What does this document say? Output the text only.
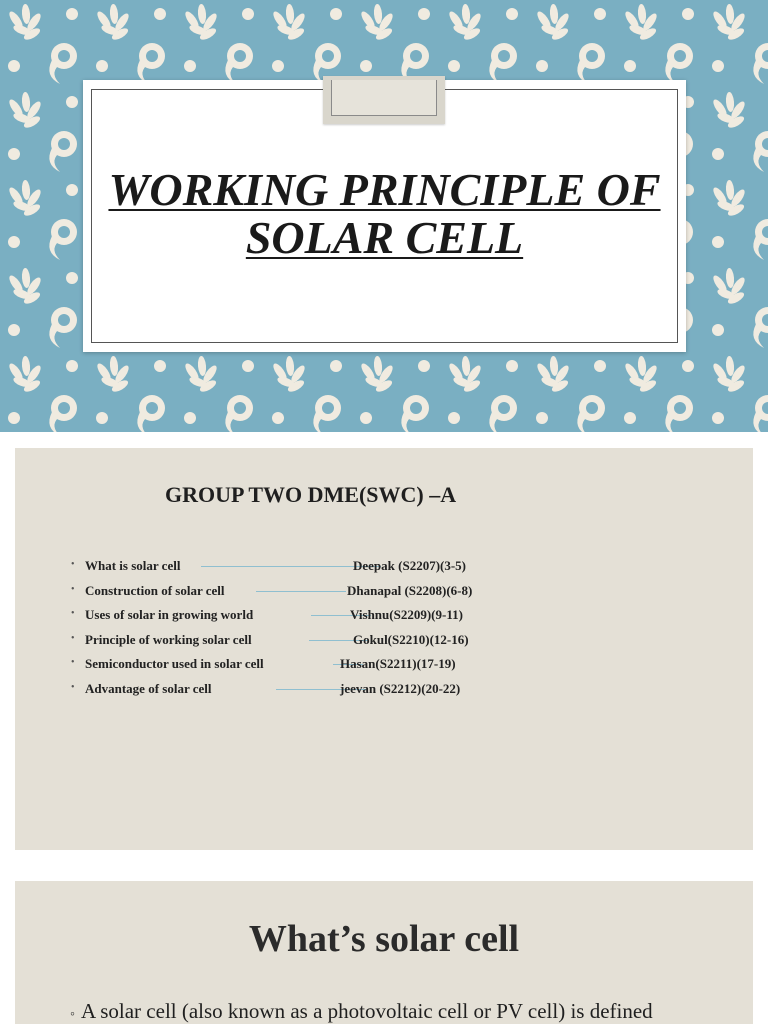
WORKING PRINCIPLE OF
SOLAR CELL
GROUP TWO DME(SWC) –A
• What is solar cell	Deepak (S2207)(3-5)
• Construction of solar cell	Dhanapal (S2208)(6-8)
• Uses of solar in growing world	Vishnu(S2209)(9-11)
• Principle of working solar cell	Gokul(S2210)(12-16)
• Semiconductor used in solar cell	Hasan(S2211)(17-19)
• Advantage of solar cell	jeevan (S2212)(20-22)
What’s solar cell
◦ A solar cell (also known as a photovoltaic cell or PV cell) is defined
